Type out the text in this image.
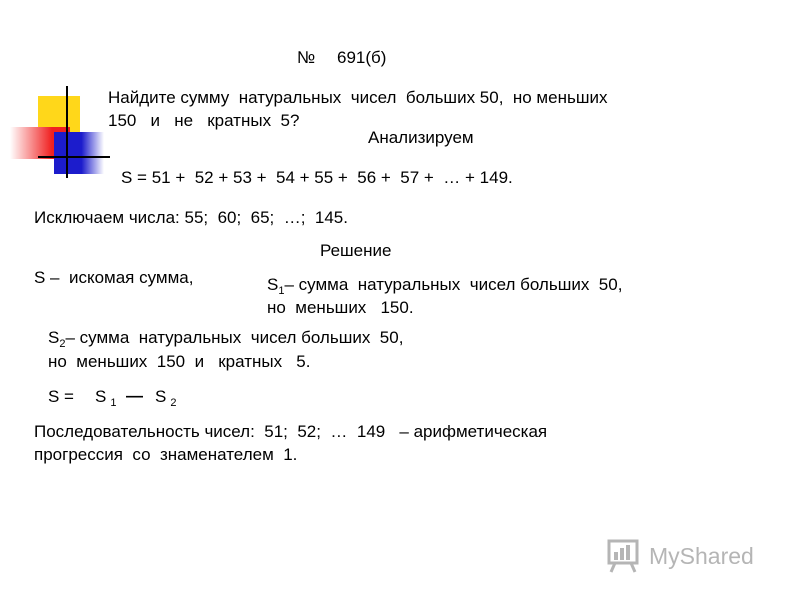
№ 691(б)
Найдите сумму  натуральных  чисел  больших 50,  но меньших
150   и   не   кратных  5?
Анализируем
S = 51 +  52 + 53 +  54 + 55 +  56 +  57 +  … + 149.
Исключаем числа: 55;  60;  65;  …;  145.
Решение
S –  искомая сумма,	$S_1-$ сумма  натуральных  чисел больших  50,
но  меньших   150.
$S_2-$ сумма  натуральных  чисел больших  50,
но  меньших  150  и   кратных   5.
S = S $_1$ — S $_2$
Последовательность чисел:  51;  52;  …  149   – арифметическая
прогрессия  со  знаменателем  1.
MyShared
